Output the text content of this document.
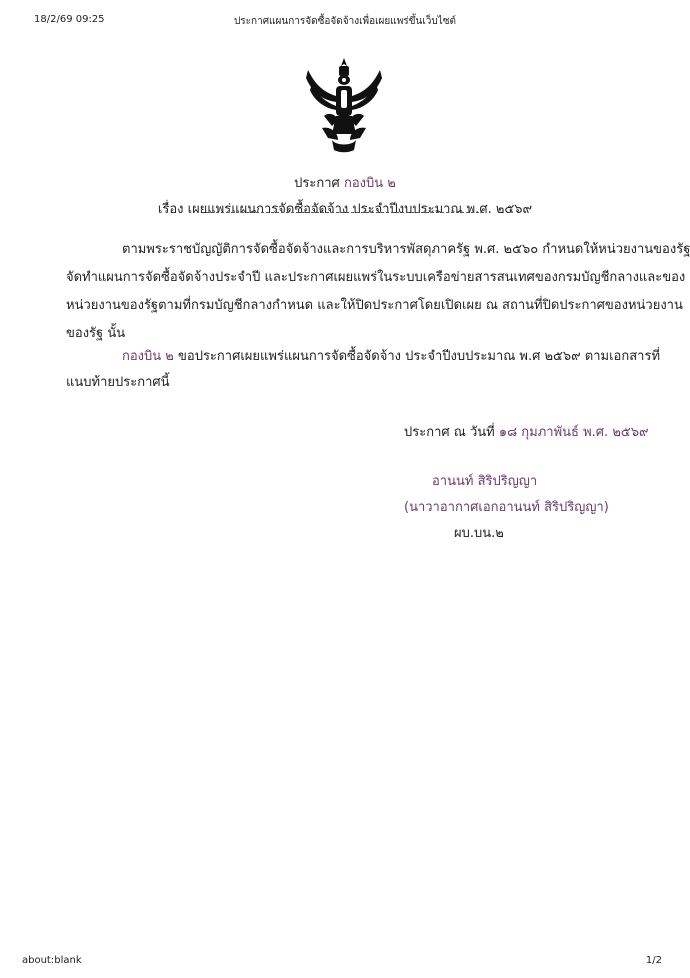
18/2/69 09:25	ประกาศแผนการจัดซื้อจัดจ้างเพื่อเผยแพร่ขึ้นเว็บไซต์
ประกาศ กองบิน ๒
เรื่อง เผยแพร่แผนการจัดซื้อจัดจ้าง ประจำปีงบประมาณ พ.ศ. ๒๕๖๙
ตามพระราชบัญญัติการจัดซื้อจัดจ้างและการบริหารพัสดุภาครัฐ พ.ศ. ๒๕๖๐ กำหนดให้หน่วยงานของรัฐ
จัดทำแผนการจัดซื้อจัดจ้างประจำปี และประกาศเผยแพร่ในระบบเครือข่ายสารสนเทศของกรมบัญชีกลางและของ
หน่วยงานของรัฐตามที่กรมบัญชีกลางกำหนด และให้ปิดประกาศโดยเปิดเผย ณ สถานที่ปิดประกาศของหน่วยงาน
ของรัฐ นั้น
กองบิน ๒ ขอประกาศเผยแพร่แผนการจัดซื้อจัดจ้าง ประจำปีงบประมาณ พ.ศ ๒๕๖๙ ตามเอกสารที่
แนบท้ายประกาศนี้
ประกาศ ณ วันที่ ๑๘ กุมภาพันธ์ พ.ศ. ๒๕๖๙
อานนท์ สิริปริญญา
(นาวาอากาศเอกอานนท์ สิริปริญญา)
ผบ.บน.๒
about:blank	1/2
